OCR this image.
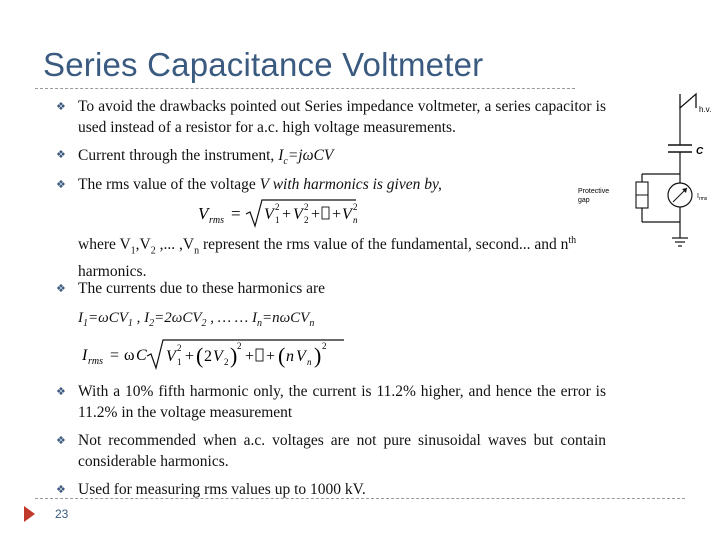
Series Capacitance Voltmeter
❖ To avoid the drawbacks pointed out Series impedance voltmeter, a series capacitor is used instead of a resistor for a.c. high voltage measurements.
❖ Current through the instrument, $I_c=j\omega CV$
❖ The rms value of the voltage V with harmonics is given by,
V rms = V 1
2 + V 2
2 + + V n
2
where $V_1,V_2$ ,... $,V_n$ represent the rms value of the fundamental, second... and $n^{th}$ harmonics.
❖ The currents due to these harmonics are
$I_1=\omega CV_1$ , $I_2=2\omega CV_2$ , … … $I_n=n\omega CV_n$
I rms = ω C V 1
2 + ( 2 V 2 ) 2
+ + ( n V n ) 2
❖ With a 10% fifth harmonic only, the current is 11.2% higher, and hence the error is 11.2% in the voltage measurement
❖ Not recommended when a.c. voltages are not pure sinusoidal waves but contain considerable harmonics.
❖ Used for measuring rms values up to 1000 kV.
h.v.
C
Protective
gap
$I_{rms}$
23
